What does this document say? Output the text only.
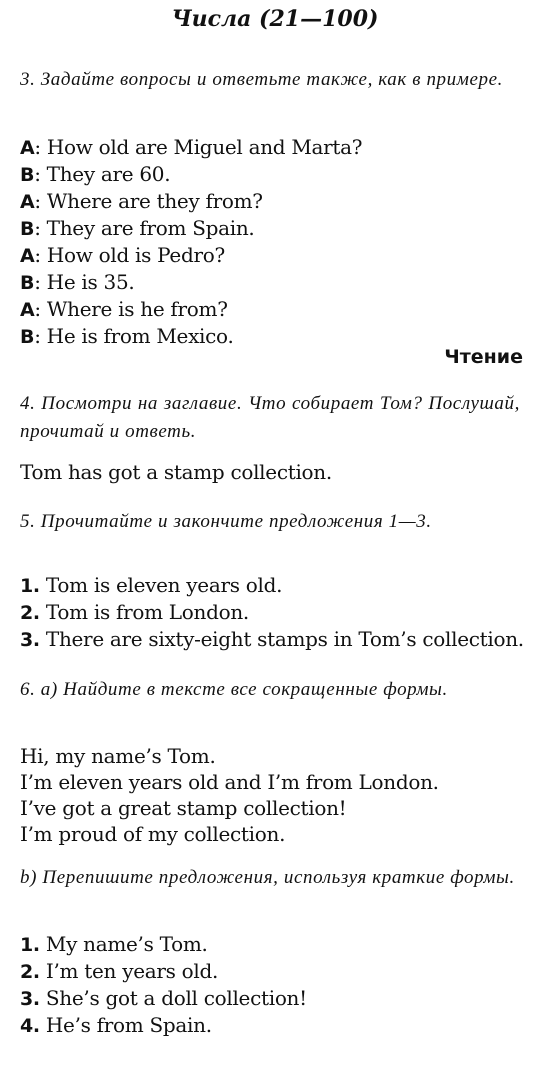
Числа (21—100)
3. Задайте вопросы и ответьте также, как в примере.
A: How old are Miguel and Marta?
B: They are 60.
A: Where are they from?
B: They are from Spain.
A: How old is Pedro?
B: He is 35.
A: Where is he from?
B: He is from Mexico.
Чтение
4. Посмотри на заглавие. Что собирает Том? Послушай, прочитай и ответь.
Tom has got a stamp collection.
5. Прочитайте и закончите предложения 1—3.
1. Tom is eleven years old.
2. Tom is from London.
3. There are sixty-eight stamps in Tom’s collection.
6. a) Найдите в тексте все сокращенные формы.
Hi, my name’s Tom.
I’m eleven years old and I’m from London.
I’ve got a great stamp collection!
I’m proud of my collection.
b) Перепишите предложения, используя краткие формы.
1. My name’s Tom.
2. I’m ten years old.
3. She’s got a doll collection!
4. He’s from Spain.
